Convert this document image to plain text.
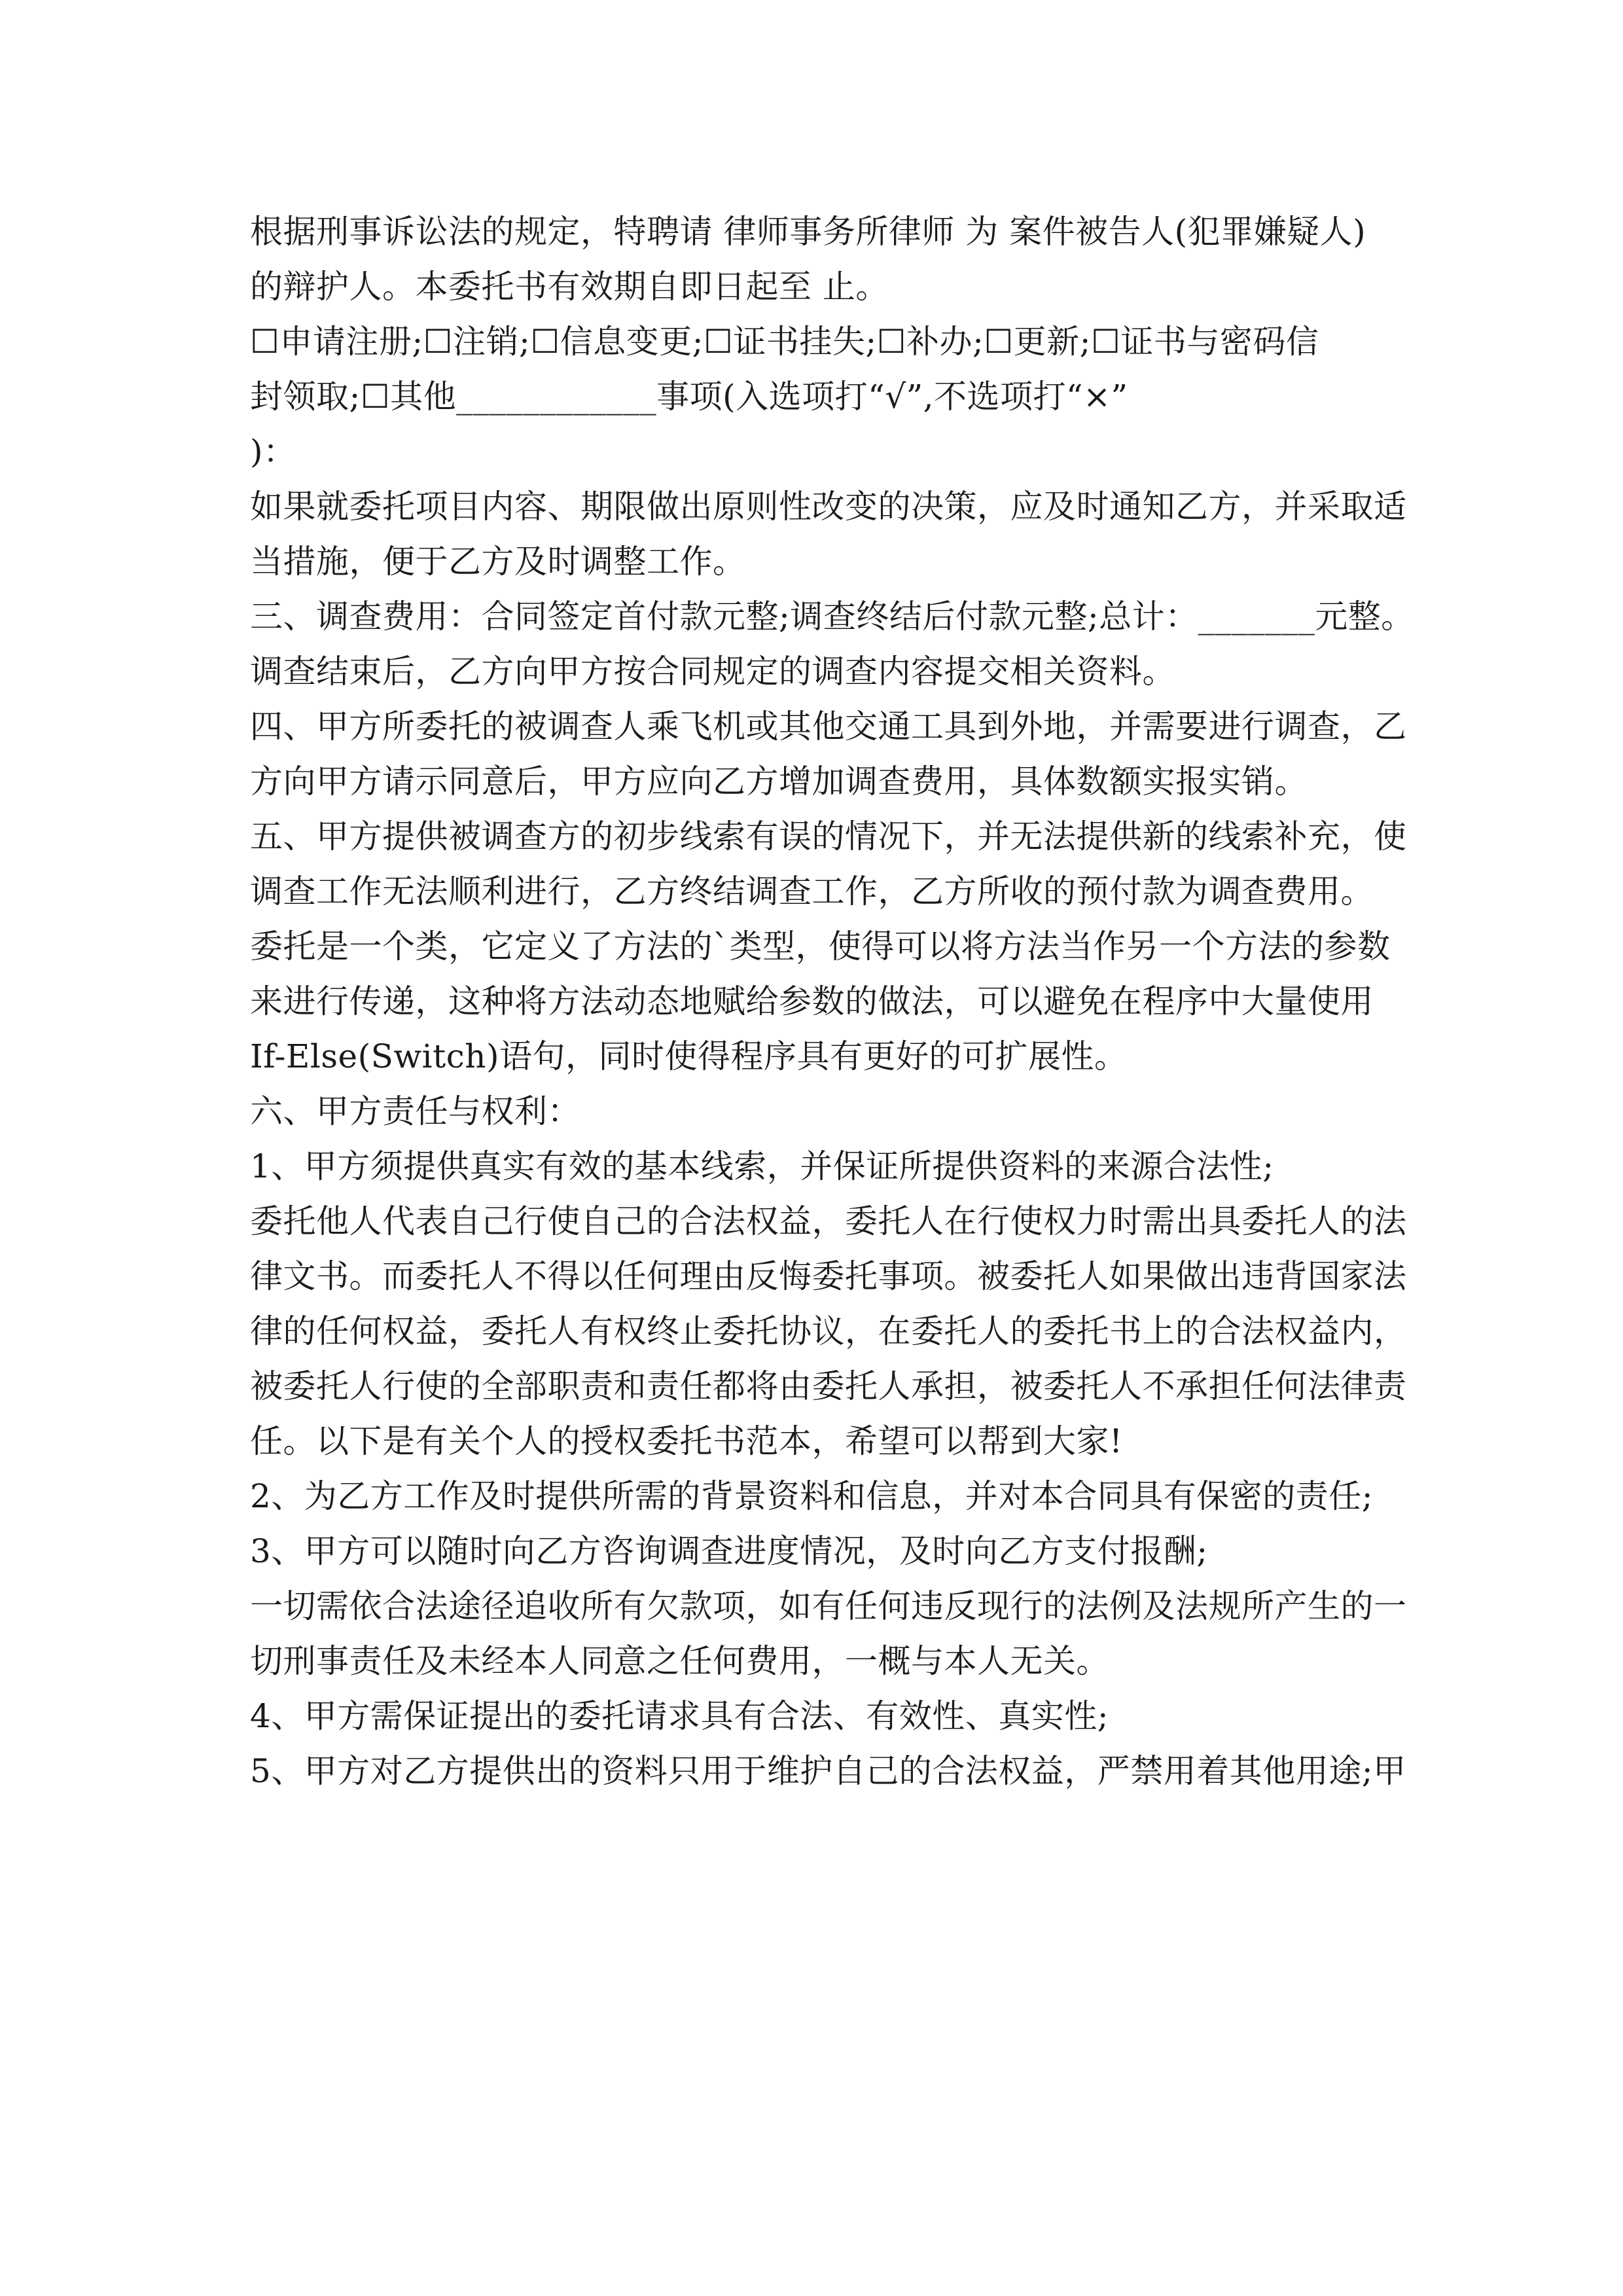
根据刑事诉讼法的规定，特聘请 律师事务所律师 为 案件被告人(犯罪嫌疑人)
的辩护人。本委托书有效期自即日起至 止。
☐申请注册;☐注销;☐信息变更;☐证书挂失;☐补办;☐更新;☐证书与密码信
封领取;☐其他____________事项(入选项打“√”,不选项打“×”
)：
如果就委托项目内容、期限做出原则性改变的决策，应及时通知乙方，并采取适
当措施，便于乙方及时调整工作。
三、调查费用：合同签定首付款元整;调查终结后付款元整;总计：_______元整。
调查结束后，乙方向甲方按合同规定的调查内容提交相关资料。
四、甲方所委托的被调查人乘飞机或其他交通工具到外地，并需要进行调查，乙
方向甲方请示同意后，甲方应向乙方增加调查费用，具体数额实报实销。
五、甲方提供被调查方的初步线索有误的情况下，并无法提供新的线索补充，使
调查工作无法顺利进行，乙方终结调查工作，乙方所收的预付款为调查费用。
委托是一个类，它定义了方法的`类型，使得可以将方法当作另一个方法的参数
来进行传递，这种将方法动态地赋给参数的做法，可以避免在程序中大量使用
If-Else(Switch)语句，同时使得程序具有更好的可扩展性。
六、甲方责任与权利：
1、甲方须提供真实有效的基本线索，并保证所提供资料的来源合法性;
委托他人代表自己行使自己的合法权益，委托人在行使权力时需出具委托人的法
律文书。而委托人不得以任何理由反悔委托事项。被委托人如果做出违背国家法
律的任何权益，委托人有权终止委托协议，在委托人的委托书上的合法权益内，
被委托人行使的全部职责和责任都将由委托人承担，被委托人不承担任何法律责
任。以下是有关个人的授权委托书范本，希望可以帮到大家!
2、为乙方工作及时提供所需的背景资料和信息，并对本合同具有保密的责任;
3、甲方可以随时向乙方咨询调查进度情况，及时向乙方支付报酬;
一切需依合法途径追收所有欠款项，如有任何违反现行的法例及法规所产生的一
切刑事责任及未经本人同意之任何费用，一概与本人无关。
4、甲方需保证提出的委托请求具有合法、有效性、真实性;
5、甲方对乙方提供出的资料只用于维护自己的合法权益，严禁用着其他用途;甲
